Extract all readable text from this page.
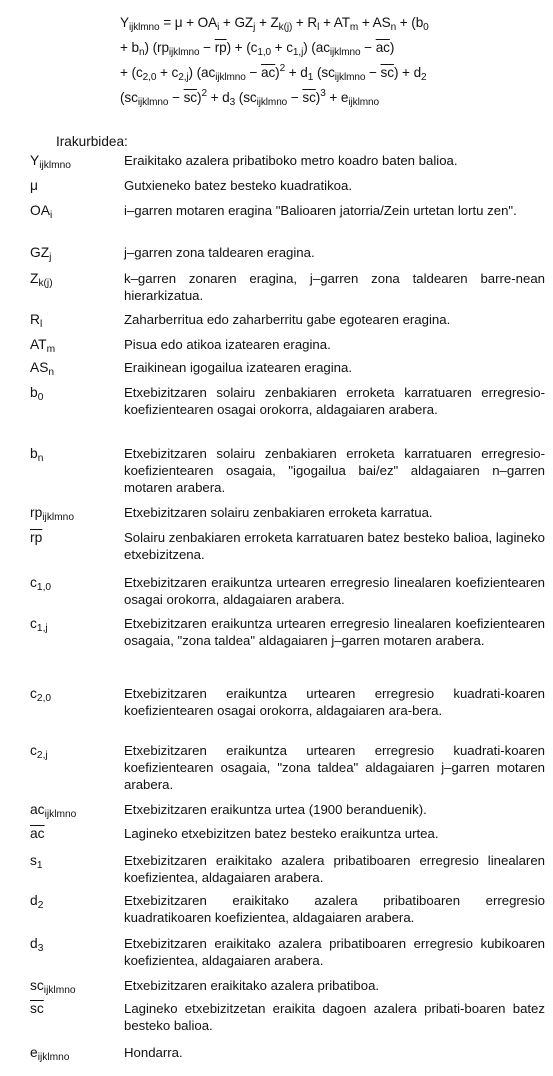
$Y_{ijklmno} = \mu + OA_i + GZ_j + Z_{k(j)} + R_l + AT_m + AS_n + (b_0$
+ $b_n$) $(rp_{ijklmno} - \overline{rp}) + (c_{1,0} + c_{1,j}) (ac_{ijklmno} - \overline{ac})$
+ $(c_{2,0} + c_{2,j}) (ac_{ijklmno} - \overline{ac})^2 + d_1$ $(sc_{ijklmno} - \overline{sc}) + d_2$
$(sc_{ijklmno} - \overline{sc})^2 + d_3$ $(sc_{ijklmno} - \overline{sc})^3 + e_{ijklmno}$
Irakurbidea:
$Y_{ijklmno}$	Eraikitako azalera pribatiboko metro koadro baten balioa.
μ	Gutxieneko batez besteko kuadratikoa.
$OA_i$	i–garren motaren eragina "Balioaren jatorria/Zein urtetan lortu zen".
$GZ_j$	j–garren zona taldearen eragina.
$Z_{k(j)}$	k–garren zonaren eragina, j–garren zona taldearen barre-nean hierarkizatua.
$R_l$	Zaharberritua edo zaharberritu gabe egotearen eragina.
$AT_m$	Pisua edo atikoa izatearen eragina.
$AS_n$	Eraikinean igogailua izatearen eragina.
$b_0$	Etxebizitzaren solairu zenbakiaren erroketa karratuaren erregresio-koefizientearen osagai orokorra, aldagaiaren arabera.
$b_n$	Etxebizitzaren solairu zenbakiaren erroketa karratuaren erregresio-koefizientearen osagaia, "igogailua bai/ez" aldagaiaren n–garren motaren arabera.
$rp_{ijklmno}$	Etxebizitzaren solairu zenbakiaren erroketa karratua.
$\overline{rp}$	Solairu zenbakiaren erroketa karratuaren batez besteko balioa, lagineko etxebizitzena.
$c_{1,0}$	Etxebizitzaren eraikuntza urtearen erregresio linealaren koefizientearen osagai orokorra, aldagaiaren arabera.
$c_{1,j}$	Etxebizitzaren eraikuntza urtearen erregresio linealaren koefizientearen osagaia, "zona taldea" aldagaiaren j–garren motaren arabera.
$c_{2,0}$	Etxebizitzaren eraikuntza urtearen erregresio kuadrati-koaren koefizientearen osagai orokorra, aldagaiaren ara-bera.
$c_{2,j}$	Etxebizitzaren eraikuntza urtearen erregresio kuadrati-koaren koefizientearen osagaia, "zona taldea" aldagaiaren j–garren motaren arabera.
$ac_{ijklmno}$	Etxebizitzaren eraikuntza urtea (1900 beranduenik).
$\overline{ac}$	Lagineko etxebizitzen batez besteko eraikuntza urtea.
$s_1$	Etxebizitzaren eraikitako azalera pribatiboaren erregresio linealaren koefizientea, aldagaiaren arabera.
$d_2$	Etxebizitzaren eraikitako azalera pribatiboaren erregresio kuadratikoaren koefizientea, aldagaiaren arabera.
$d_3$	Etxebizitzaren eraikitako azalera pribatiboaren erregresio kubikoaren koefizientea, aldagaiaren arabera.
$sc_{ijklmno}$	Etxebizitzaren eraikitako azalera pribatiboa.
$\overline{sc}$	Lagineko etxebizitzetan eraikita dagoen azalera pribati-boaren batez besteko balioa.
$e_{ijklmno}$	Hondarra.
